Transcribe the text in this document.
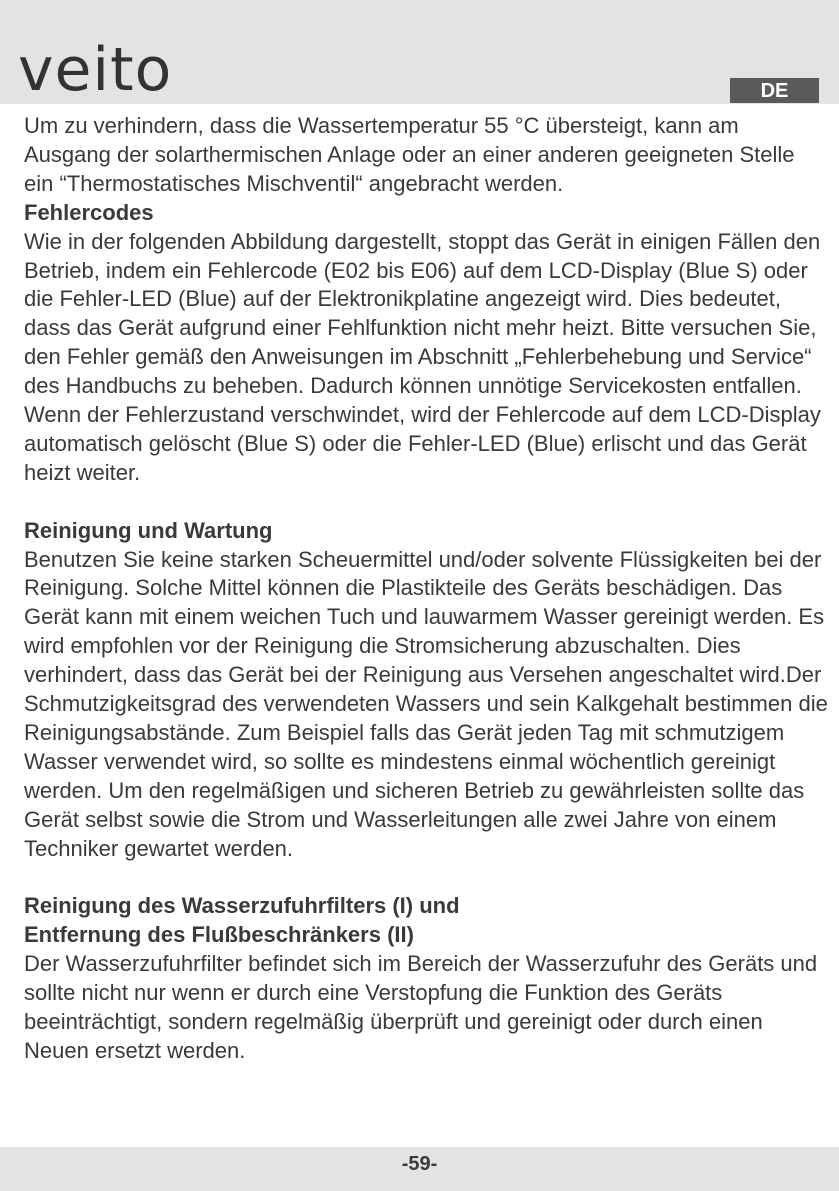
veito	DE

Um zu verhindern, dass die Wassertemperatur 55 °C übersteigt, kann am Ausgang der solarthermischen Anlage oder an einer anderen geeigneten Stelle ein “Thermostatisches Mischventil“ angebracht werden.

Fehlercodes

Wie in der folgenden Abbildung dargestellt, stoppt das Gerät in einigen Fällen den Betrieb, indem ein Fehlercode (E02 bis E06) auf dem LCD-Display (Blue S) oder die Fehler-LED (Blue) auf der Elektronikplatine angezeigt wird. Dies bedeutet, dass das Gerät aufgrund einer Fehlfunktion nicht mehr heizt. Bitte versuchen Sie, den Fehler gemäß den Anweisungen im Abschnitt „Fehlerbehebung und Service“ des Handbuchs zu beheben. Dadurch können unnötige Servicekosten entfallen. Wenn der Fehlerzustand verschwindet, wird der Fehlercode auf dem LCD-Display automatisch gelöscht (Blue S) oder die Fehler-LED (Blue) erlischt und das Gerät heizt weiter.

Reinigung und Wartung

Benutzen Sie keine starken Scheuermittel und/oder solvente Flüssigkeiten bei der Reinigung. Solche Mittel können die Plastikteile des Geräts beschädigen. Das Gerät kann mit einem weichen Tuch und lauwarmem Wasser gereinigt werden. Es wird empfohlen vor der Reinigung die Stromsicherung abzuschalten. Dies verhindert, dass das Gerät bei der Reinigung aus Versehen angeschaltet wird.Der Schmutzigkeitsgrad des verwendeten Wassers und sein Kalkgehalt bestimmen die Reinigungsabstände. Zum Beispiel falls das Gerät jeden Tag mit schmutzigem Wasser verwendet wird, so sollte es mindestens einmal wöchentlich gereinigt werden. Um den regelmäßigen und sicheren Betrieb zu gewährleisten sollte das Gerät selbst sowie die Strom und Wasserleitungen alle zwei Jahre von einem Techniker gewartet werden.

Reinigung des Wasserzufuhrfilters (I) und
Entfernung des Flußbeschränkers (II)

Der Wasserzufuhrfilter befindet sich im Bereich der Wasserzufuhr des Geräts und sollte nicht nur wenn er durch eine Verstopfung die Funktion des Geräts beeinträchtigt, sondern regelmäßig überprüft und gereinigt oder durch einen Neuen ersetzt werden.

-59-
